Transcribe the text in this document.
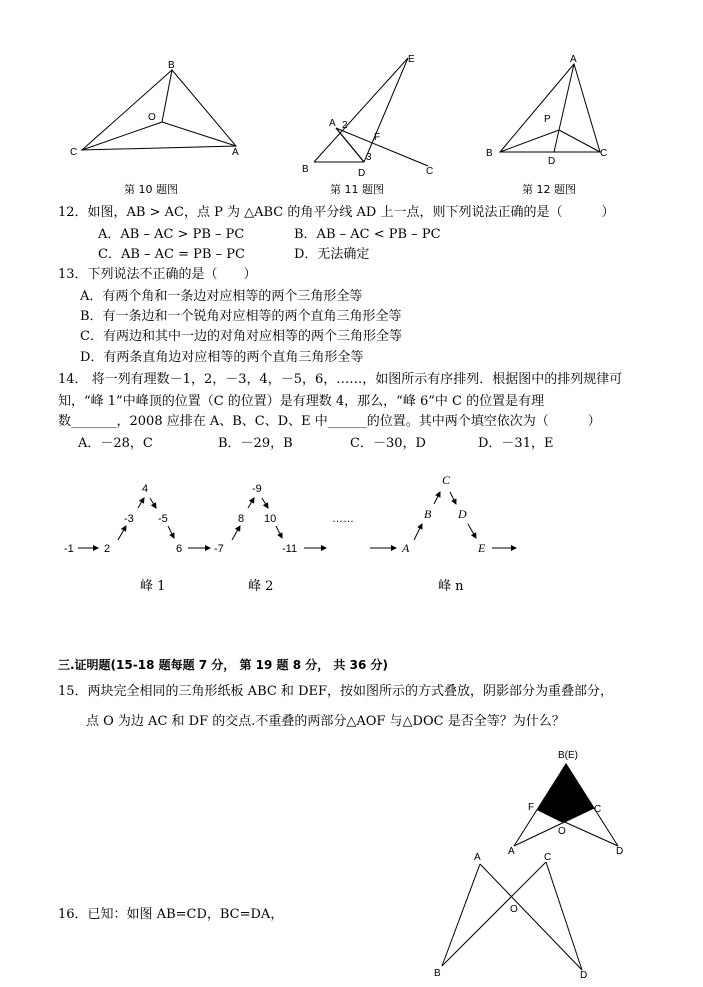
B
O
C	A
第 10 题图
E
A 2
F
B
3
D	C
第 11 题图
A
P
B
D
C
第 12 题图
12．如图，AB > AC，点 P 为 △ABC 的角平分线 AD 上一点，则下列说法正确的是（　　　）
A．AB – AC > PB – PC	B．AB – AC < PB – PC
C．AB – AC = PB – PC	D．无法确定
13．下列说法不正确的是（　　）
A．有两个角和一条边对应相等的两个三角形全等
B．有一条边和一个锐角对应相等的两个直角三角形全等
C．有两边和其中一边的对角对应相等的两个三角形全等
D．有两条直角边对应相等的两个直角三角形全等
14． 将一列有理数－1，2，－3，4，－5，6，……，如图所示有序排列．根据图中的排列规律可
知，“峰 1”中峰顶的位置（C 的位置）是有理数 4，那么，“峰 6”中 C 的位置是有理
数_______，2008 应排在 A、B、C、D、E 中______的位置。其中两个填空依次为（　　　）
A．－28，C	B．－29，B	C．－30，D	D．－31，E
-1	2
-3
4
-5
6	-7
8
-9
10
-11
……
A
B
C
D
E
峰 1	峰 2	峰 n
三.证明题(15-18 题每题 7 分， 第 19 题 8 分， 共 36 分)
15．两块完全相同的三角形纸板 ABC 和 DEF，按如图所示的方式叠放，阴影部分为重叠部分，
点 O 为边 AC 和 DF 的交点.不重叠的两部分△AOF 与△DOC 是否全等？为什么？
B(E)
F	C
O
A	D
16．已知：如图 AB=CD，BC=DA，
A	C
O
B	D
